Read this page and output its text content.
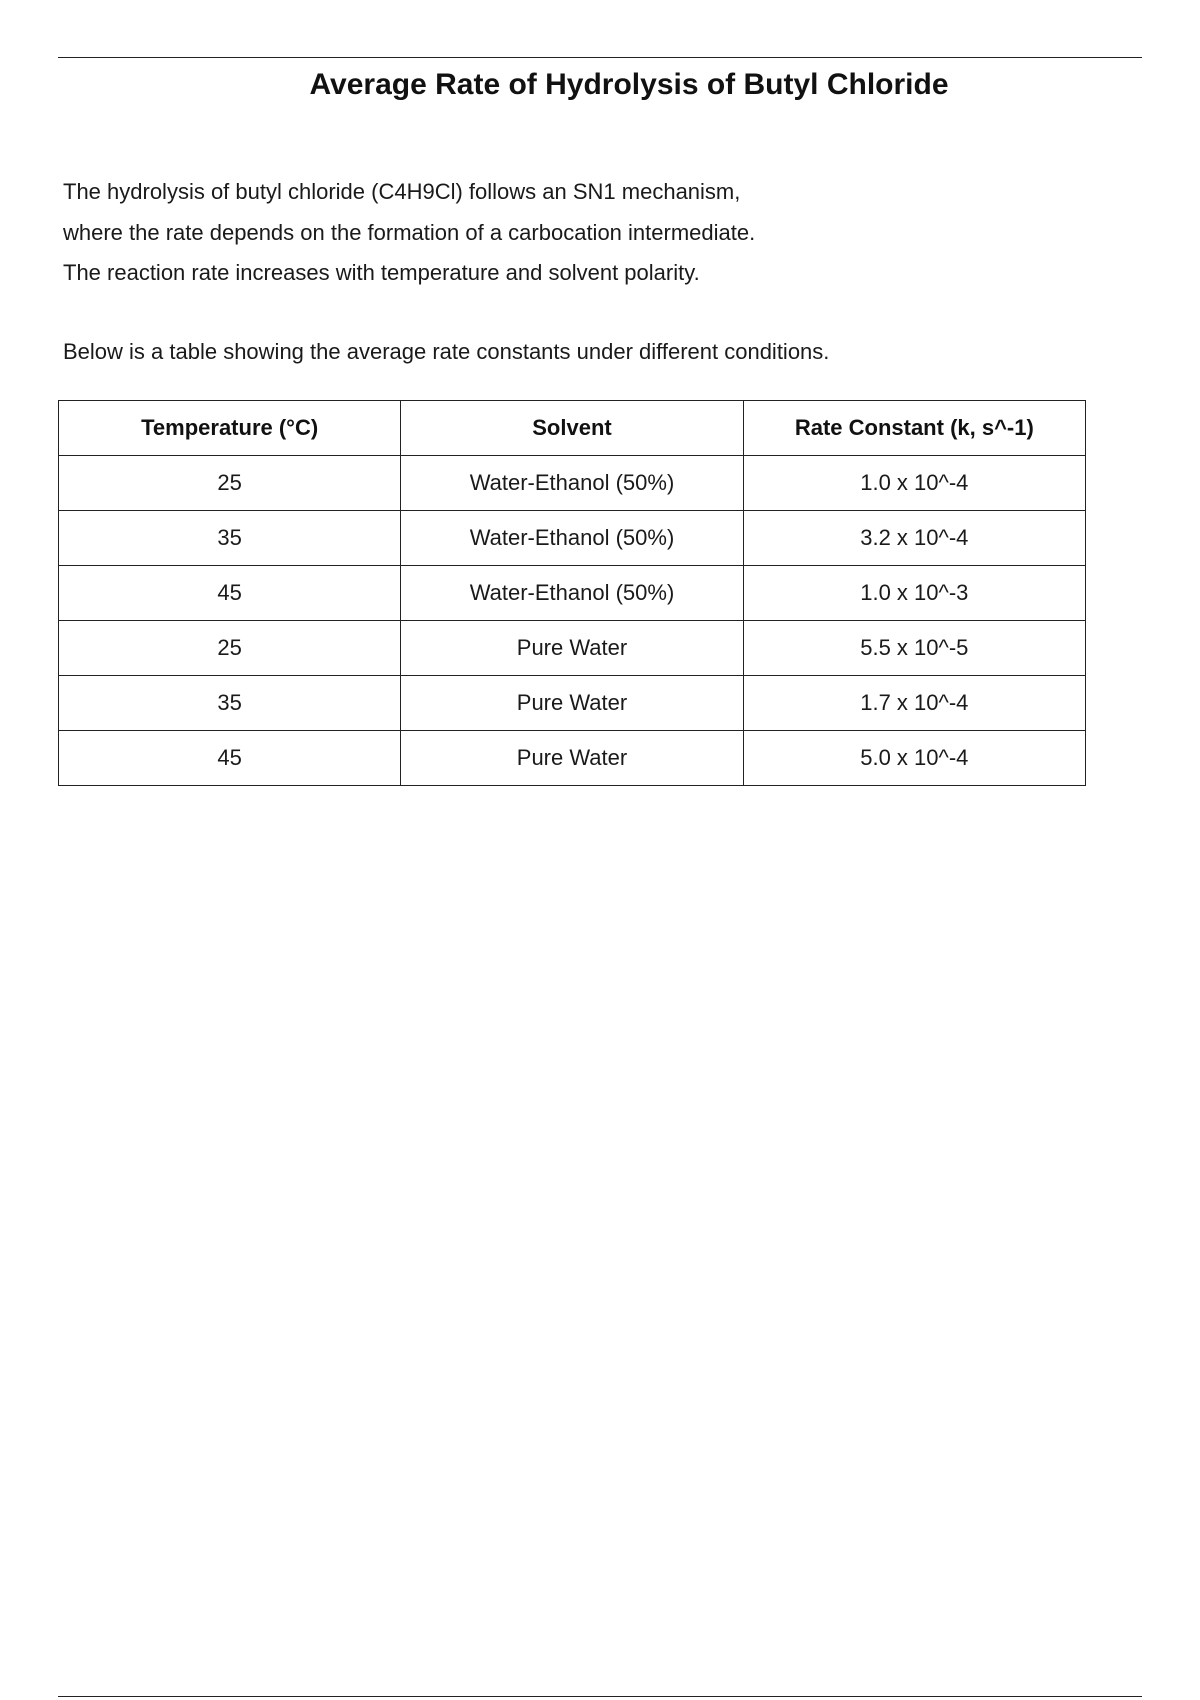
Average Rate of Hydrolysis of Butyl Chloride
The hydrolysis of butyl chloride (C4H9Cl) follows an SN1 mechanism,
where the rate depends on the formation of a carbocation intermediate.
The reaction rate increases with temperature and solvent polarity.
Below is a table showing the average rate constants under different conditions.
Temperature (°C)	Solvent	Rate Constant (k, s^-1)
25	Water-Ethanol (50%)	1.0 x 10^-4
35	Water-Ethanol (50%)	3.2 x 10^-4
45	Water-Ethanol (50%)	1.0 x 10^-3
25	Pure Water	5.5 x 10^-5
35	Pure Water	1.7 x 10^-4
45	Pure Water	5.0 x 10^-4
